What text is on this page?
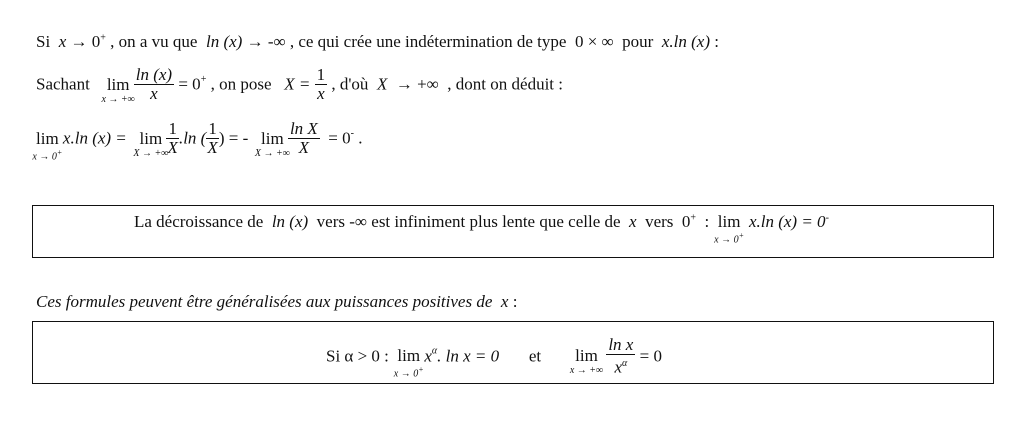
Si x → 0+ , on a vu que ln (x) → -∞ , ce qui crée une indétermination de type 0 × ∞ pour x.ln (x) :
Sachant lim
x → +∞

$\frac{\ln (x)}{x} = 0^+$ , on pose $X = \frac{1}{x}$ , d'où X → +∞ , dont on déduit :
lim
x → 0+
x.ln (x) = lim
X → +∞

$\frac{1}{X} .\ln$ ( $\frac{1}{X}$ ) = - lim
X → +∞

$\frac{\text{ln X}}{X} = 0^-$ .
La décroissance de ln (x) vers -∞ est infiniment plus lente que celle de x vers 0+ : lim
x → 0+
x.ln (x) = 0-
Ces formules peuvent être généralisées aux puissances positives de x :
Si α > 0 : lim
x → 0+
$x^\alpha$. ln x = 0 et lim
x → +∞
$\frac{\text{ln x}}{x^\alpha} = 0$
